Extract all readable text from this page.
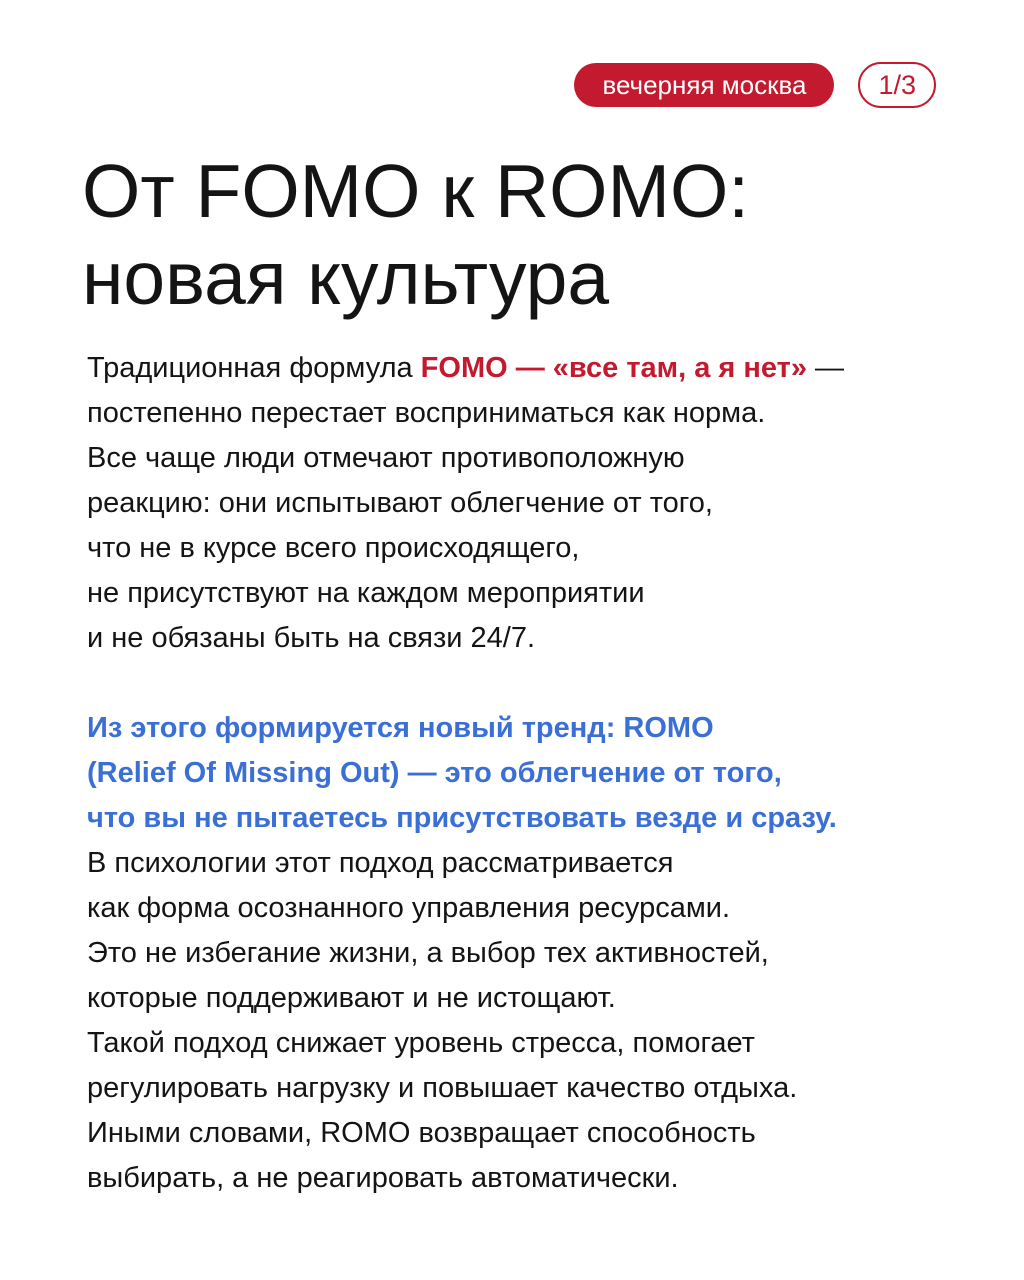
вечерняя москва	1/3
От FOMO к ROMO:
новая культура
Традиционная формула FOMO — «все там, а я нет» —
постепенно перестает восприниматься как норма.
Все чаще люди отмечают противоположную
реакцию: они испытывают облегчение от того,
что не в курсе всего происходящего,
не присутствуют на каждом мероприятии
и не обязаны быть на связи 24/7.
Из этого формируется новый тренд: ROMO
(Relief Of Missing Out) — это облегчение от того,
что вы не пытаетесь присутствовать везде и сразу.
В психологии этот подход рассматривается
как форма осознанного управления ресурсами.
Это не избегание жизни, а выбор тех активностей,
которые поддерживают и не истощают.
Такой подход снижает уровень стресса, помогает
регулировать нагрузку и повышает качество отдыха.
Иными словами, ROMO возвращает способность
выбирать, а не реагировать автоматически.
